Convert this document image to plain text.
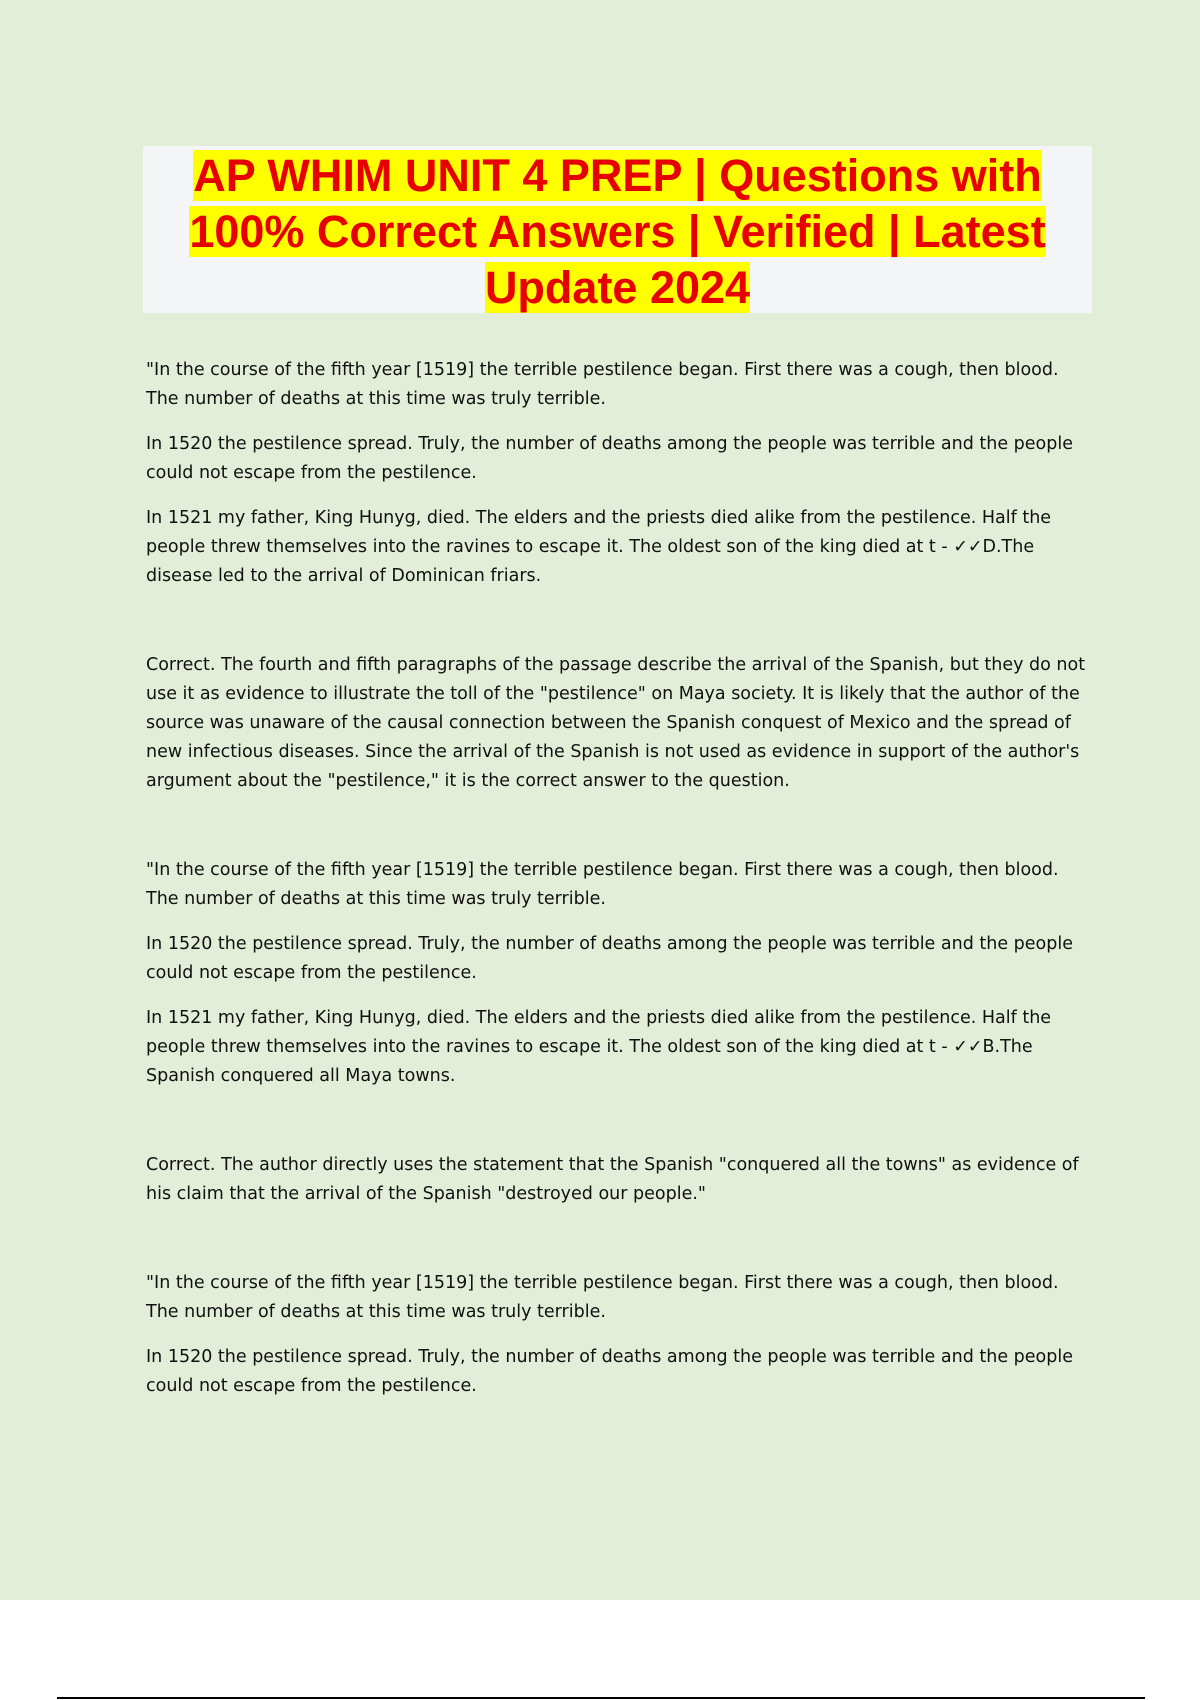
AP WHIM UNIT 4 PREP | Questions with
100% Correct Answers | Verified | Latest
Update 2024

"In the course of the fifth year [1519] the terrible pestilence began. First there was a cough, then blood. The number of deaths at this time was truly terrible.

In 1520 the pestilence spread. Truly, the number of deaths among the people was terrible and the people could not escape from the pestilence.

In 1521 my father, King Hunyg, died. The elders and the priests died alike from the pestilence. Half the people threw themselves into the ravines to escape it. The oldest son of the king died at t - ✓✓D.The disease led to the arrival of Dominican friars.

Correct. The fourth and fifth paragraphs of the passage describe the arrival of the Spanish, but they do not use it as evidence to illustrate the toll of the "pestilence" on Maya society. It is likely that the author of the source was unaware of the causal connection between the Spanish conquest of Mexico and the spread of new infectious diseases. Since the arrival of the Spanish is not used as evidence in support of the author's argument about the "pestilence," it is the correct answer to the question.

"In the course of the fifth year [1519] the terrible pestilence began. First there was a cough, then blood. The number of deaths at this time was truly terrible.

In 1520 the pestilence spread. Truly, the number of deaths among the people was terrible and the people could not escape from the pestilence.

In 1521 my father, King Hunyg, died. The elders and the priests died alike from the pestilence. Half the people threw themselves into the ravines to escape it. The oldest son of the king died at t - ✓✓B.The Spanish conquered all Maya towns.

Correct. The author directly uses the statement that the Spanish "conquered all the towns" as evidence of his claim that the arrival of the Spanish "destroyed our people."

"In the course of the fifth year [1519] the terrible pestilence began. First there was a cough, then blood. The number of deaths at this time was truly terrible.

In 1520 the pestilence spread. Truly, the number of deaths among the people was terrible and the people could not escape from the pestilence.
